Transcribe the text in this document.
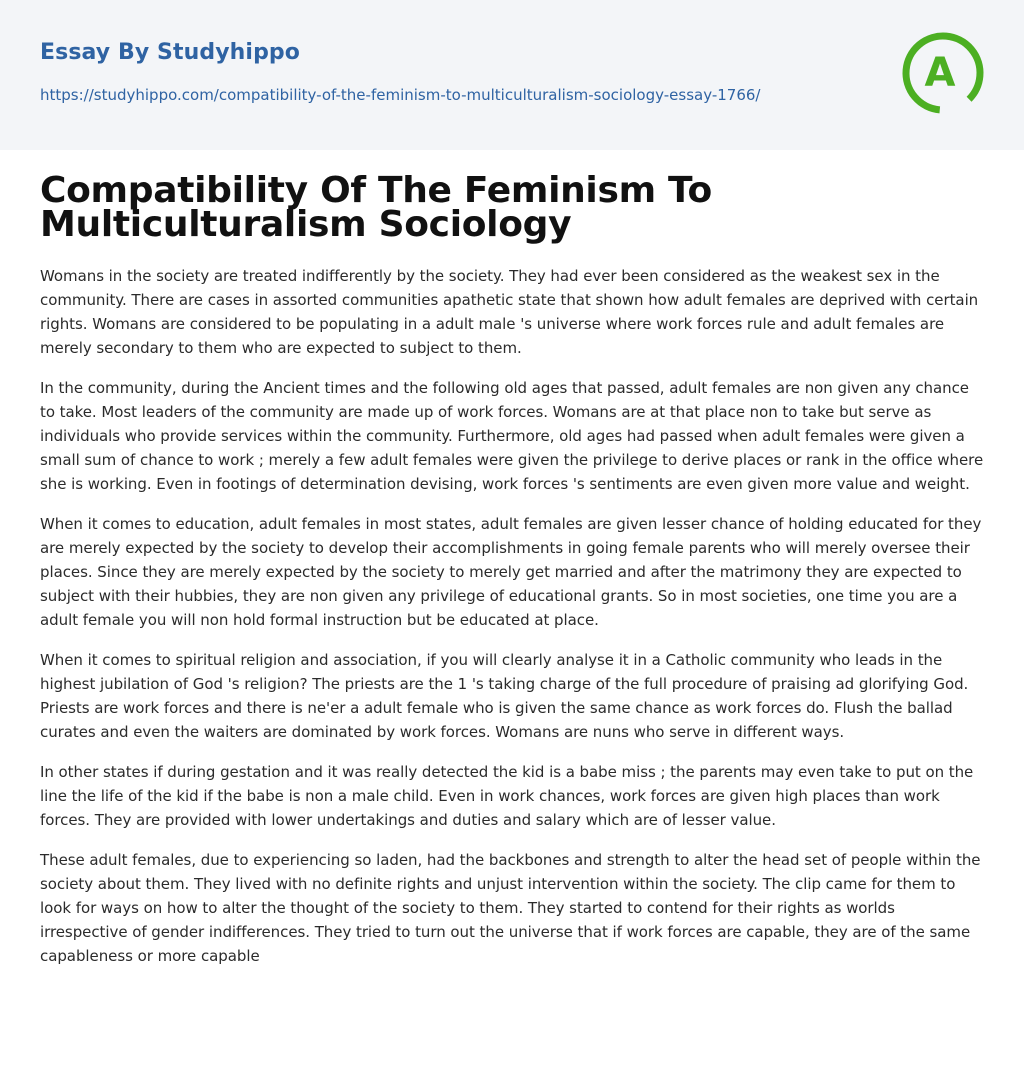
Essay By Studyhippo
https://studyhippo.com/compatibility-of-the-feminism-to-multiculturalism-sociology-essay-1766/	A
Compatibility Of The Feminism To Multiculturalism Sociology

Womans in the society are treated indifferently by the society. They had ever been considered as the weakest sex in the community. There are cases in assorted communities apathetic state that shown how adult females are deprived with certain rights. Womans are considered to be populating in a adult male 's universe where work forces rule and adult females are merely secondary to them who are expected to subject to them.

In the community, during the Ancient times and the following old ages that passed, adult females are non given any chance to take. Most leaders of the community are made up of work forces. Womans are at that place non to take but serve as individuals who provide services within the community. Furthermore, old ages had passed when adult females were given a small sum of chance to work ; merely a few adult females were given the privilege to derive places or rank in the office where she is working. Even in footings of determination devising, work forces 's sentiments are even given more value and weight.

When it comes to education, adult females in most states, adult females are given lesser chance of holding educated for they are merely expected by the society to develop their accomplishments in going female parents who will merely oversee their places. Since they are merely expected by the society to merely get married and after the matrimony they are expected to subject with their hubbies, they are non given any privilege of educational grants. So in most societies, one time you are a adult female you will non hold formal instruction but be educated at place.

When it comes to spiritual religion and association, if you will clearly analyse it in a Catholic community who leads in the highest jubilation of God 's religion? The priests are the 1 's taking charge of the full procedure of praising ad glorifying God. Priests are work forces and there is ne'er a adult female who is given the same chance as work forces do. Flush the ballad curates and even the waiters are dominated by work forces. Womans are nuns who serve in different ways.

In other states if during gestation and it was really detected the kid is a babe miss ; the parents may even take to put on the line the life of the kid if the babe is non a male child. Even in work chances, work forces are given high places than work forces. They are provided with lower undertakings and duties and salary which are of lesser value.

These adult females, due to experiencing so laden, had the backbones and strength to alter the head set of people within the society about them. They lived with no definite rights and unjust intervention within the society. The clip came for them to look for ways on how to alter the thought of the society to them. They started to contend for their rights as worlds irrespective of gender indifferences. They tried to turn out the universe that if work forces are capable, they are of the same capableness or more capable
